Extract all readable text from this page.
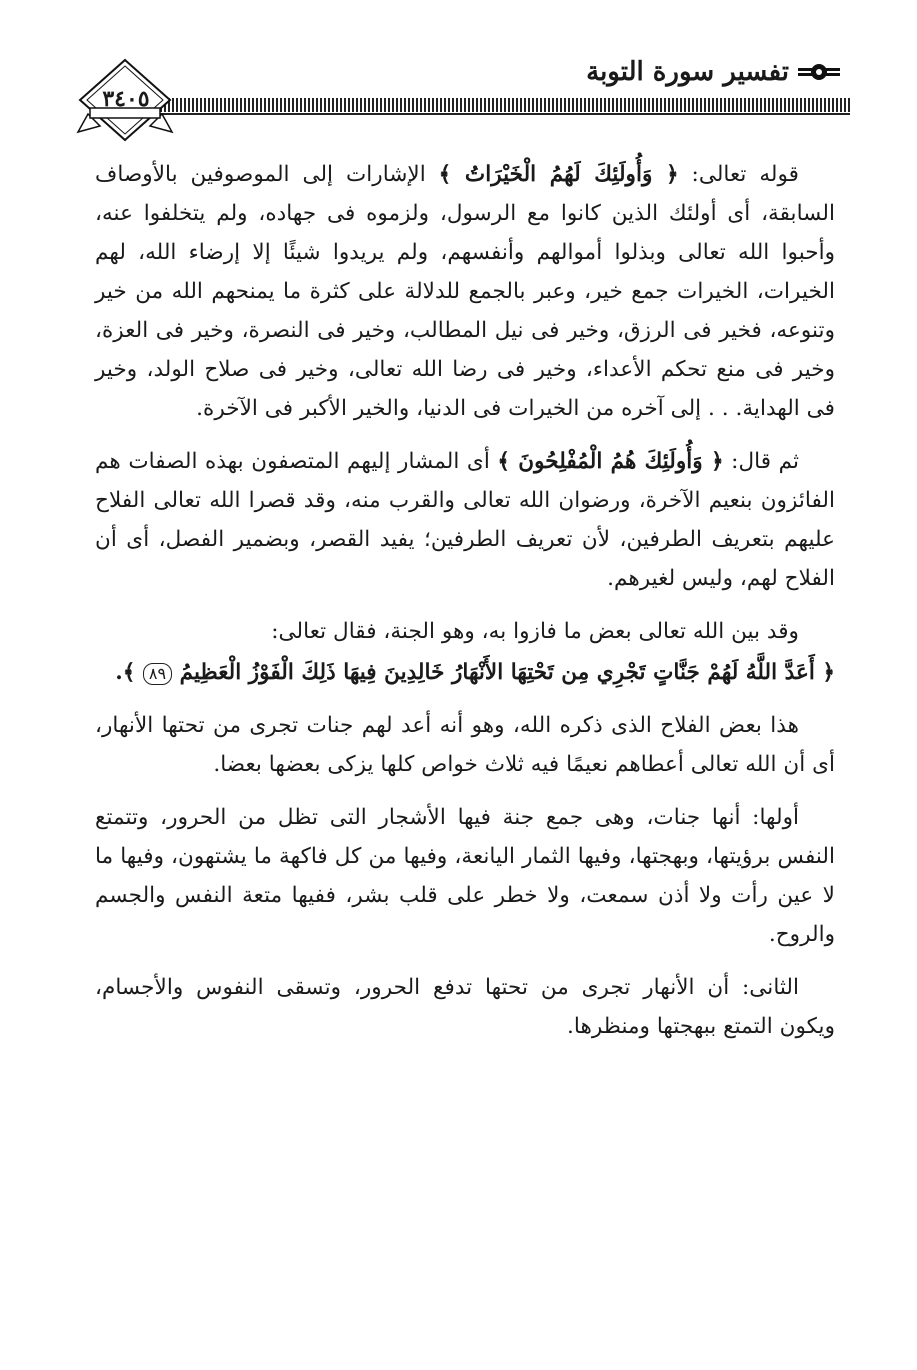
تفسير سورة التوبة
٣٤٠٥

قوله تعالى: ﴿ وَأُولَئِكَ لَهُمُ الْخَيْرَاتُ ﴾ الإشارات إلى الموصوفين بالأوصاف السابقة، أى أولئك الذين كانوا مع الرسول، ولزموه فى جهاده، ولم يتخلفوا عنه، وأحبوا الله تعالى وبذلوا أموالهم وأنفسهم، ولم يريدوا شيئًا إلا إرضاء الله، لهم الخيرات، الخيرات جمع خير، وعبر بالجمع للدلالة على كثرة ما يمنحهم الله من خير وتنوعه، فخير فى الرزق، وخير فى نيل المطالب، وخير فى النصرة، وخير فى العزة، وخير فى منع تحكم الأعداء، وخير فى رضا الله تعالى، وخير فى صلاح الولد، وخير فى الهداية. . . إلى آخره من الخيرات فى الدنيا، والخير الأكبر فى الآخرة.

ثم قال: ﴿ وَأُولَئِكَ هُمُ الْمُفْلِحُونَ ﴾ أى المشار إليهم المتصفون بهذه الصفات هم الفائزون بنعيم الآخرة، ورضوان الله تعالى والقرب منه، وقد قصرا الله تعالى الفلاح عليهم بتعريف الطرفين، لأن تعريف الطرفين؛ يفيد القصر، وبضمير الفصل، أى أن الفلاح لهم، وليس لغيرهم.

وقد بين الله تعالى بعض ما فازوا به، وهو الجنة، فقال تعالى:

﴿ أَعَدَّ اللَّهُ لَهُمْ جَنَّاتٍ تَجْرِي مِن تَحْتِهَا الأَنْهَارُ خَالِدِينَ فِيهَا ذَلِكَ الْفَوْزُ الْعَظِيمُ ٨٩ ﴾.

هذا بعض الفلاح الذى ذكره الله، وهو أنه أعد لهم جنات تجرى من تحتها الأنهار، أى أن الله تعالى أعطاهم نعيمًا فيه ثلاث خواص كلها يزكى بعضها بعضا.

أولها: أنها جنات، وهى جمع جنة فيها الأشجار التى تظل من الحرور، وتتمتع النفس برؤيتها، وبهجتها، وفيها الثمار اليانعة، وفيها من كل فاكهة ما يشتهون، وفيها ما لا عين رأت ولا أذن سمعت، ولا خطر على قلب بشر، ففيها متعة النفس والجسم والروح.

الثانى: أن الأنهار تجرى من تحتها تدفع الحرور، وتسقى النفوس والأجسام، ويكون التمتع ببهجتها ومنظرها.
